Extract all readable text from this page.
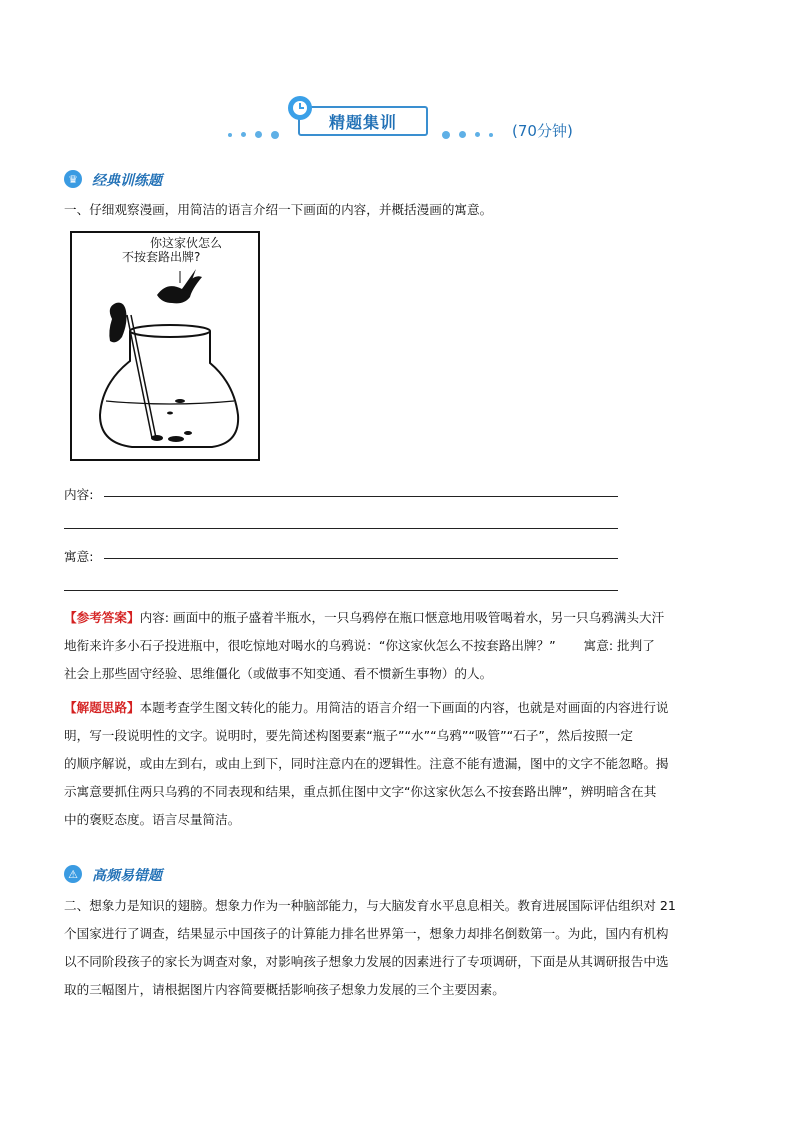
精题集训	(70分钟)
♛ 经典训练题
一、仔细观察漫画，用简洁的语言介绍一下画面的内容，并概括漫画的寓意。
你这家伙怎么
不按套路出牌?
内容:
寓意:
【参考答案】内容: 画面中的瓶子盛着半瓶水，一只乌鸦停在瓶口惬意地用吸管喝着水，另一只乌鸦满头大汗
地衔来许多小石子投进瓶中，很吃惊地对喝水的乌鸦说：“你这家伙怎么不按套路出牌？” 寓意: 批判了
社会上那些固守经验、思维僵化（或做事不知变通、看不惯新生事物）的人。
【解题思路】本题考查学生图文转化的能力。用简洁的语言介绍一下画面的内容，也就是对画面的内容进行说
明，写一段说明性的文字。说明时，要先简述构图要素“瓶子”“水”“乌鸦”“吸管”“石子”，然后按照一定
的顺序解说，或由左到右，或由上到下，同时注意内在的逻辑性。注意不能有遗漏，图中的文字不能忽略。揭
示寓意要抓住两只乌鸦的不同表现和结果，重点抓住图中文字“你这家伙怎么不按套路出牌”，辨明暗含在其
中的褒贬态度。语言尽量简洁。
⚠ 高频易错题
二、想象力是知识的翅膀。想象力作为一种脑部能力，与大脑发育水平息息相关。教育进展国际评估组织对 21
个国家进行了调查，结果显示中国孩子的计算能力排名世界第一，想象力却排名倒数第一。为此，国内有机构
以不同阶段孩子的家长为调查对象，对影响孩子想象力发展的因素进行了专项调研，下面是从其调研报告中选
取的三幅图片，请根据图片内容简要概括影响孩子想象力发展的三个主要因素。
